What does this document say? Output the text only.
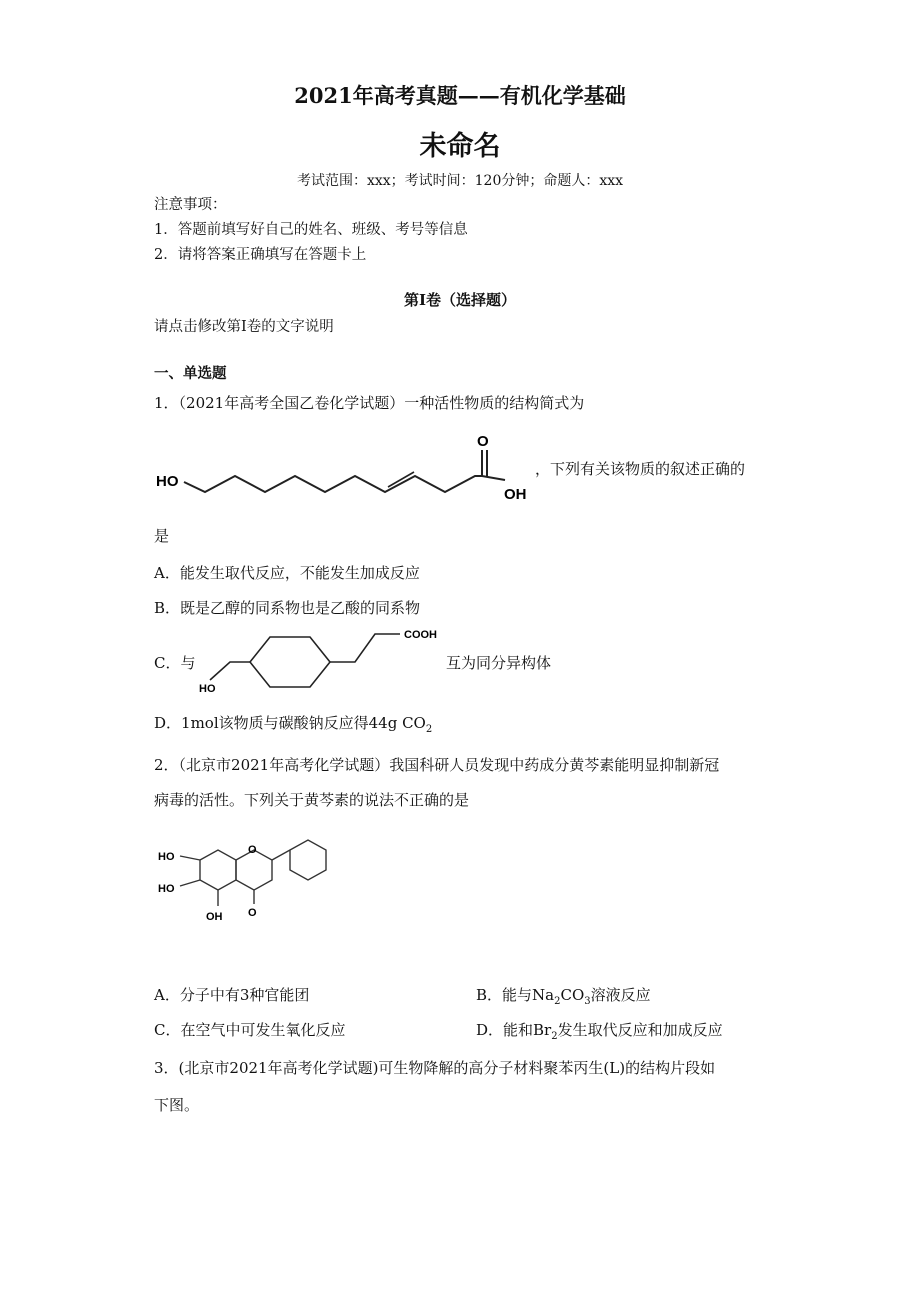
2021年高考真题——有机化学基础
未命名
考试范围：xxx；考试时间：120分钟；命题人：xxx
注意事项：
1．答题前填写好自己的姓名、班级、考号等信息
2．请将答案正确填写在答题卡上
第I卷（选择题）
请点击修改第I卷的文字说明
一、单选题
1．（2021年高考全国乙卷化学试题）一种活性物质的结构简式为
HO
O
OH
，下列有关该物质的叙述正确的
是
A．能发生取代反应，不能发生加成反应
B．既是乙醇的同系物也是乙酸的同系物
C．与
COOH
HO
互为同分异构体
D．1mol该物质与碳酸钠反应得44g $CO_2$
2．（北京市2021年高考化学试题）我国科研人员发现中药成分黄芩素能明显抑制新冠
病毒的活性。下列关于黄芩素的说法不正确的是
O
O
HO
HO
OH
A．分子中有3种官能团	B．能与$Na_2CO_3$溶液反应
C．在空气中可发生氧化反应	D．能和$Br_2$发生取代反应和加成反应
3．(北京市2021年高考化学试题)可生物降解的高分子材料聚苯丙生(L)的结构片段如
下图。
